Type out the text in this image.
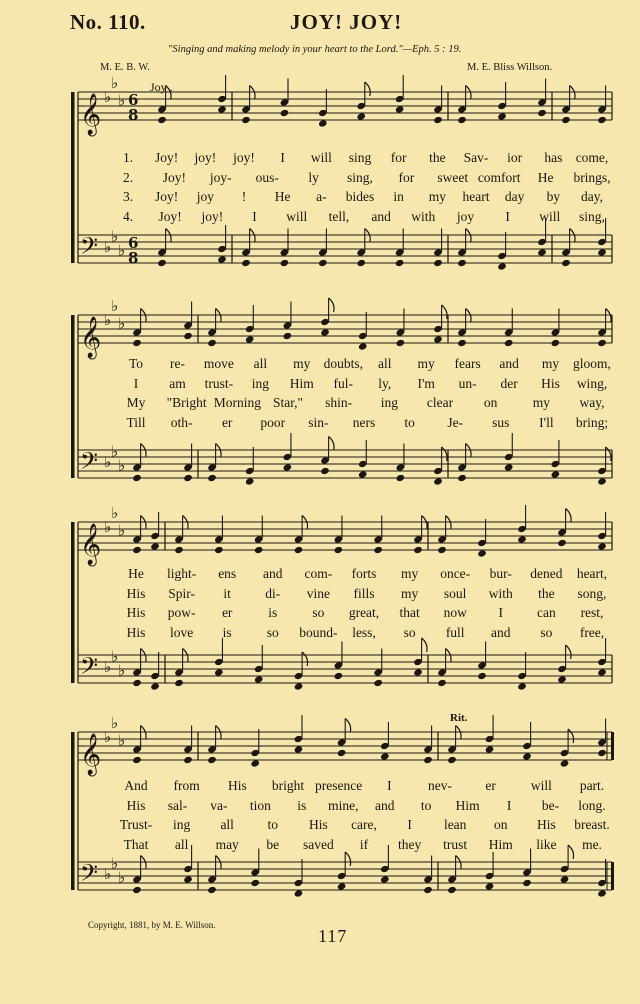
No. 110.	JOY! JOY!
"Singing and making melody in your heart to the Lord."—Eph. 5 : 19.
M. E. B. W.	M. E. Bliss Willson.
Joy .
Rit.
𝄞
𝄢
♭
♭
♭
♭
♭
♭
6
8
6
8
𝄞
𝄢
♭
♭
♭
♭
♭
♭
𝄞
𝄢
♭
♭
♭
♭
♭
♭
𝄞
𝄢
♭
♭
♭
♭
♭
♭
1. Joy! joy! joy! I will sing for the Sav- ior has come,
2. Joy! joy- ous- ly sing, for sweet comfort He brings,
3. Joy! joy ! He a- bides in my heart day by day,
4. Joy! joy! I will tell, and with joy I will sing,
To re- move all my doubts, all my fears and my gloom,
I am trust- ing Him ful- ly, I'm un- der His wing,
My "Bright Morning Star," shin- ing clear on	my way,
Till oth- er poor sin- ners to Je- sus I'll bring;
He light- ens and com- forts my once- bur- dened heart,
His Spir- it	di- vine fills my soul with the song,
His pow- er	is	so great, that now I	can rest,
His love is	so bound- less, so full and so free,
And from His bright presence I	nev- er	will part.
His sal- va- tion is mine, and to Him I be- long.
Trust- ing all to His care, I lean on His breast.
That all may be saved if they trust Him like me.
Copyright, 1881, by M. E. Willson.
117
